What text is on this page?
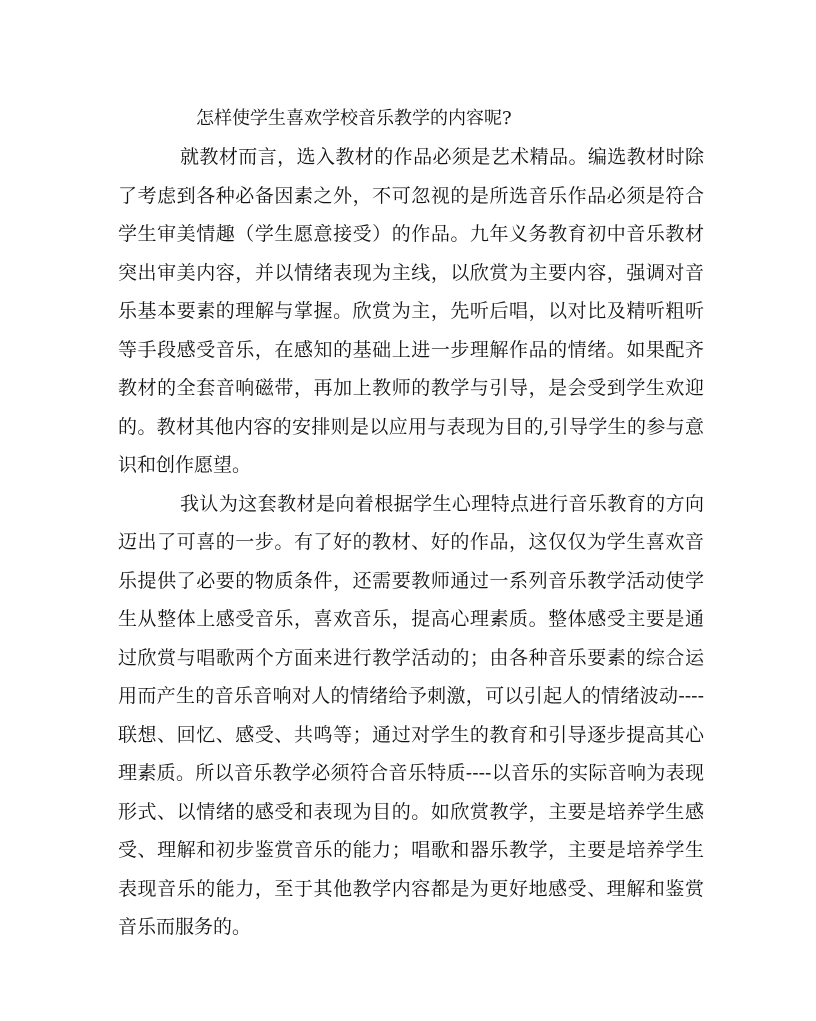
怎样使学生喜欢学校音乐教学的内容呢?

就教材而言，选入教材的作品必须是艺术精品。编选教材时除了考虑到各种必备因素之外，不可忽视的是所选音乐作品必须是符合学生审美情趣（学生愿意接受）的作品。九年义务教育初中音乐教材突出审美内容，并以情绪表现为主线，以欣赏为主要内容，强调对音乐基本要素的理解与掌握。欣赏为主，先听后唱，以对比及精听粗听等手段感受音乐，在感知的基础上进一步理解作品的情绪。如果配齐教材的全套音响磁带，再加上教师的教学与引导，是会受到学生欢迎的。教材其他内容的安排则是以应用与表现为目的,引导学生的参与意识和创作愿望。

我认为这套教材是向着根据学生心理特点进行音乐教育的方向迈出了可喜的一步。有了好的教材、好的作品，这仅仅为学生喜欢音乐提供了必要的物质条件，还需要教师通过一系列音乐教学活动使学生从整体上感受音乐，喜欢音乐，提高心理素质。整体感受主要是通过欣赏与唱歌两个方面来进行教学活动的；由各种音乐要素的综合运用而产生的音乐音响对人的情绪给予刺激，可以引起人的情绪波动----联想、回忆、感受、共鸣等；通过对学生的教育和引导逐步提高其心理素质。所以音乐教学必须符合音乐特质----以音乐的实际音响为表现形式、以情绪的感受和表现为目的。如欣赏教学，主要是培养学生感受、理解和初步鉴赏音乐的能力；唱歌和器乐教学，主要是培养学生表现音乐的能力，至于其他教学内容都是为更好地感受、理解和鉴赏音乐而服务的。
